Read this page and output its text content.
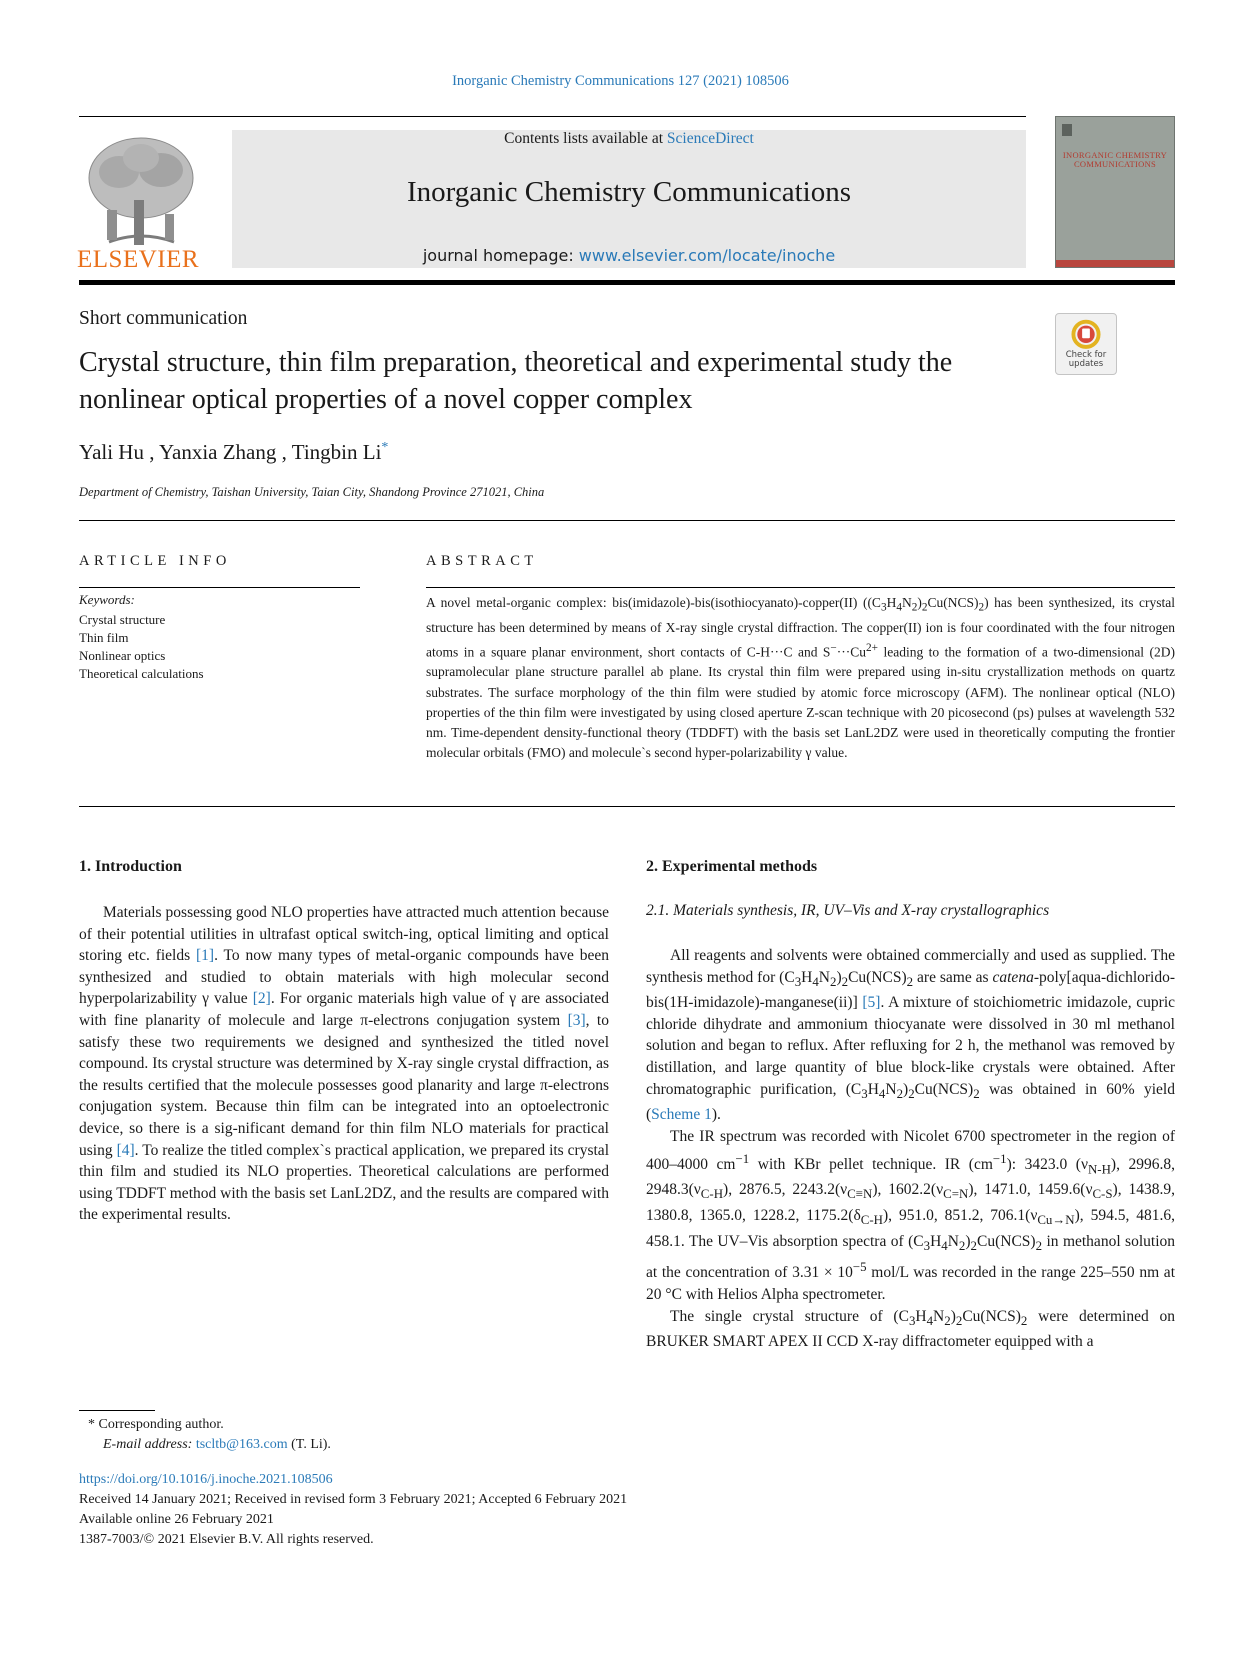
Inorganic Chemistry Communications 127 (2021) 108506
ELSEVIER
Contents lists available at ScienceDirect
Inorganic Chemistry Communications
journal homepage: www.elsevier.com/locate/inoche
INORGANIC CHEMISTRY COMMUNICATIONS
Short communication
Crystal structure, thin film preparation, theoretical and experimental study the nonlinear optical properties of a novel copper complex
Check for updates
Yali Hu , Yanxia Zhang , Tingbin Li*
Department of Chemistry, Taishan University, Taian City, Shandong Province 271021, China
ARTICLE INFO
Keywords:
Crystal structure
Thin film
Nonlinear optics
Theoretical calculations
ABSTRACT
A novel metal-organic complex: bis(imidazole)-bis(isothiocyanato)-copper(II) $((C_3H_4N_2)_2Cu(NCS)_2)$ has been synthesized, its crystal structure has been determined by means of X-ray single crystal diffraction. The copper(II) ion is four coordinated with the four nitrogen atoms in a square planar environment, short contacts of C-H···C and $S^-\cdot\cdot\cdot Cu^{2+}$ leading to the formation of a two-dimensional (2D) supramolecular plane structure parallel ab plane. Its crystal thin film were prepared using in-situ crystallization methods on quartz substrates. The surface morphology of the thin film were studied by atomic force microscopy (AFM). The nonlinear optical (NLO) properties of the thin film were investigated by using closed aperture Z-scan technique with 20 picosecond (ps) pulses at wavelength 532 nm. Time-dependent density-functional theory (TDDFT) with the basis set LanL2DZ were used in theoretically computing the frontier molecular orbitals (FMO) and molecule`s second hyper-polarizability γ value.
1. Introduction

Materials possessing good NLO properties have attracted much attention because of their potential utilities in ultrafast optical switch-ing, optical limiting and optical storing etc. fields [1]. To now many types of metal-organic compounds have been synthesized and studied to obtain materials with high molecular second hyperpolarizability γ value [2]. For organic materials high value of γ are associated with fine planarity of molecule and large π-electrons conjugation system [3], to satisfy these two requirements we designed and synthesized the titled novel compound. Its crystal structure was determined by X-ray single crystal diffraction, as the results certified that the molecule possesses good planarity and large π-electrons conjugation system. Because thin film can be integrated into an optoelectronic device, so there is a sig-nificant demand for thin film NLO materials for practical using [4]. To realize the titled complex`s practical application, we prepared its crystal thin film and studied its NLO properties. Theoretical calculations are performed using TDDFT method with the basis set LanL2DZ, and the results are compared with the experimental results.

2. Experimental methods
2.1. Materials synthesis, IR, UV–Vis and X-ray crystallographics

All reagents and solvents were obtained commercially and used as supplied. The synthesis method for $(C_3H_4N_2)_2Cu(NCS)_2$ are same as catena-poly[aqua-dichlorido-bis(1H-imidazole)-manganese(ii)] [5]. A mixture of stoichiometric imidazole, cupric chloride dihydrate and ammonium thiocyanate were dissolved in 30 ml methanol solution and began to reflux. After refluxing for 2 h, the methanol was removed by distillation, and large quantity of blue block-like crystals were obtained. After chromatographic purification, $(C_3H_4N_2)_2Cu(NCS)_2$ was obtained in 60% yield (Scheme 1).

The IR spectrum was recorded with Nicolet 6700 spectrometer in the region of 400–4000 $cm^{-1}$ with KBr pellet technique. IR $(cm^{-1})$: 3423.0 $(\nu_{N-H})$, 2996.8, $2948.3(\nu_{C-H})$, 2876.5, $2243.2(\nu_{C\equiv N})$, $1602.2(\nu_{C=N})$, 1471.0, $1459.6(\nu_{C-S})$, 1438.9, 1380.8, 1365.0, 1228.2, $1175.2(\delta_{C-H})$, 951.0, 851.2, $706.1(\nu_{Cu\to N})$, 594.5, 481.6, 458.1. The UV–Vis absorption spectra of $(C_3H_4N_2)_2Cu(NCS)_2$ in methanol solution at the concentration of $3.31 \times 10^{-5}$ mol/L was recorded in the range 225–550 nm at 20 °C with Helios Alpha spectrometer.

The single crystal structure of $(C_3H_4N_2)_2Cu(NCS)_2$ were determined on BRUKER SMART APEX II CCD X-ray diffractometer equipped with a

* Corresponding author.
E-mail address: tscltb@163.com (T. Li).
https://doi.org/10.1016/j.inoche.2021.108506
Received 14 January 2021; Received in revised form 3 February 2021; Accepted 6 February 2021
Available online 26 February 2021
1387-7003/© 2021 Elsevier B.V. All rights reserved.
